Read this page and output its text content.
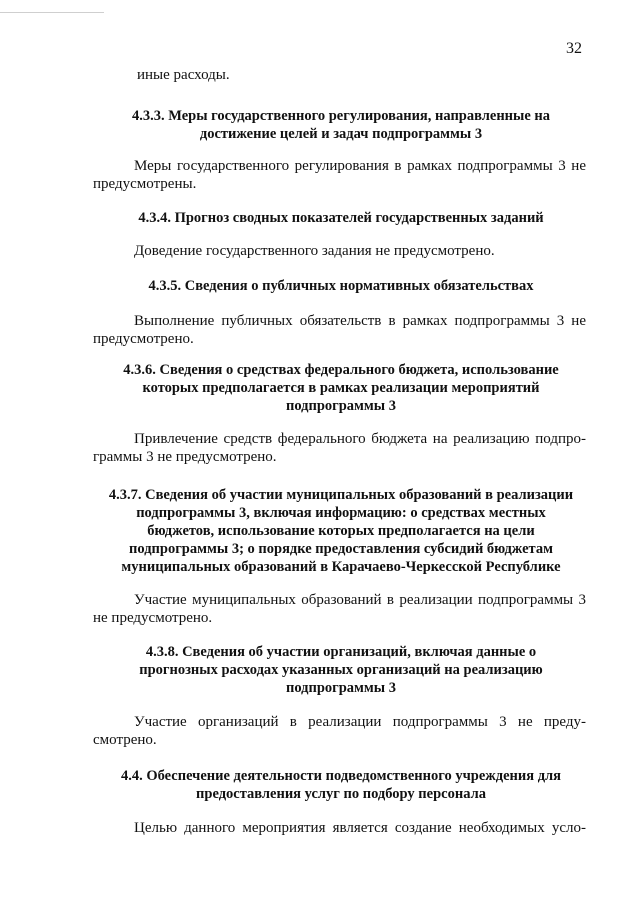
32
иные расходы.
4.3.3. Меры государственного регулирования, направленные на
достижение целей и задач подпрограммы 3
Меры государственного регулирования в рамках подпрограммы 3 не
предусмотрены.
4.3.4. Прогноз сводных показателей государственных заданий
Доведение государственного задания не предусмотрено.
4.3.5. Сведения о публичных нормативных обязательствах
Выполнение публичных обязательств в рамках подпрограммы 3 не
предусмотрено.
4.3.6. Сведения о средствах федерального бюджета, использование
которых предполагается в рамках реализации мероприятий
подпрограммы 3
Привлечение средств федерального бюджета на реализацию подпро-
граммы 3 не предусмотрено.
4.3.7. Сведения об участии муниципальных образований в реализации
подпрограммы 3, включая информацию: о средствах местных
бюджетов, использование которых предполагается на цели
подпрограммы 3; о порядке предоставления субсидий бюджетам
муниципальных образований в Карачаево-Черкесской Республике
Участие муниципальных образований в реализации подпрограммы 3
не предусмотрено.
4.3.8. Сведения об участии организаций, включая данные о
прогнозных расходах указанных организаций на реализацию
подпрограммы 3
Участие организаций в реализации подпрограммы 3 не преду-
смотрено.
4.4. Обеспечение деятельности подведомственного учреждения для
предоставления услуг по подбору персонала
Целью данного мероприятия является создание необходимых усло-
